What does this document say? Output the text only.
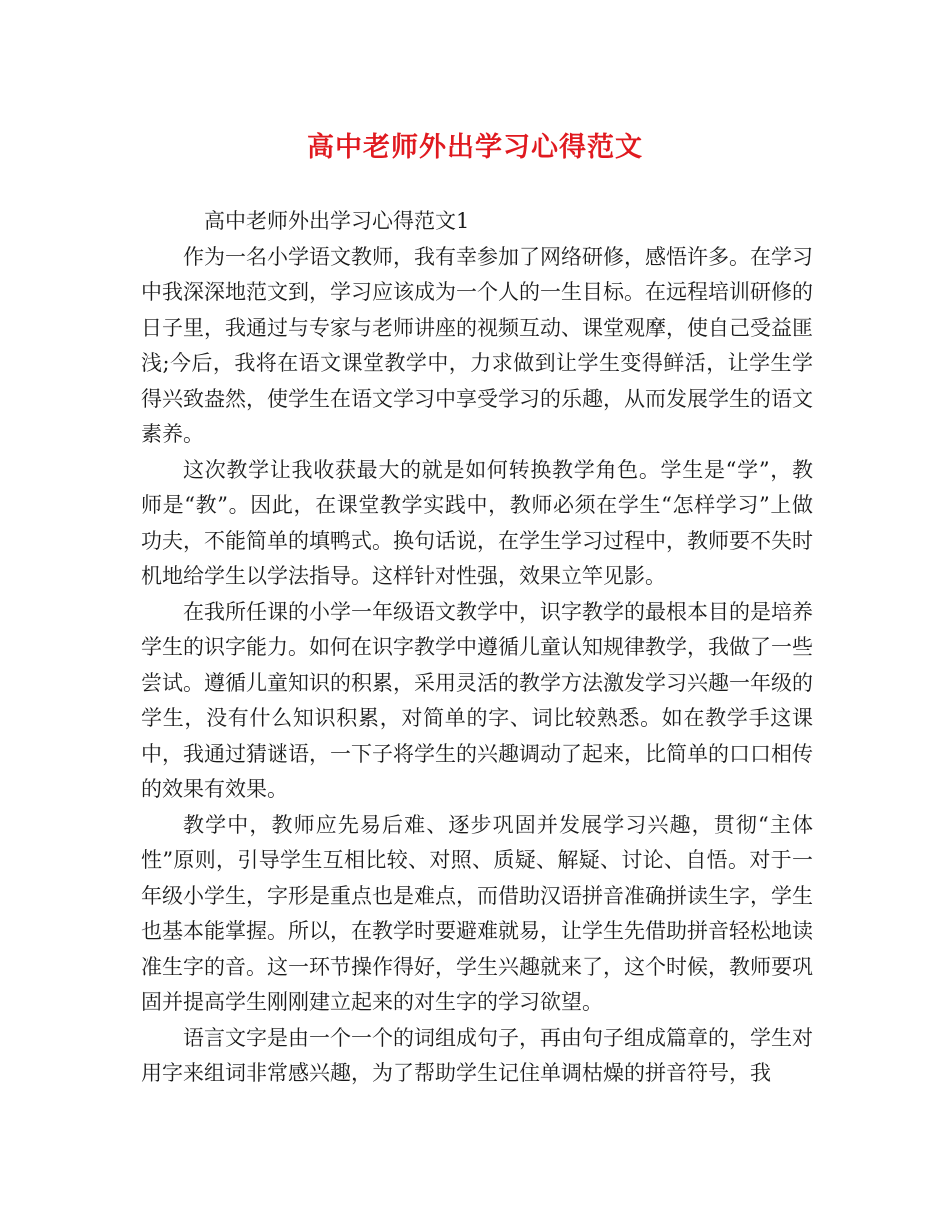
高中老师外出学习心得范文

高中老师外出学习心得范文1

作为一名小学语文教师，我有幸参加了网络研修，感悟许多。在学习中我深深地范文到，学习应该成为一个人的一生目标。在远程培训研修的日子里，我通过与专家与老师讲座的视频互动、课堂观摩，使自己受益匪浅;今后，我将在语文课堂教学中，力求做到让学生变得鲜活，让学生学得兴致盎然，使学生在语文学习中享受学习的乐趣，从而发展学生的语文素养。

这次教学让我收获最大的就是如何转换教学角色。学生是“学”，教师是“教”。因此，在课堂教学实践中，教师必须在学生“怎样学习”上做功夫，不能简单的填鸭式。换句话说，在学生学习过程中，教师要不失时机地给学生以学法指导。这样针对性强，效果立竿见影。

在我所任课的小学一年级语文教学中，识字教学的最根本目的是培养学生的识字能力。如何在识字教学中遵循儿童认知规律教学，我做了一些尝试。遵循儿童知识的积累，采用灵活的教学方法激发学习兴趣一年级的学生，没有什么知识积累，对简单的字、词比较熟悉。如在教学手这课中，我通过猜谜语，一下子将学生的兴趣调动了起来，比简单的口口相传的效果有效果。

教学中，教师应先易后难、逐步巩固并发展学习兴趣，贯彻“主体性”原则，引导学生互相比较、对照、质疑、解疑、讨论、自悟。对于一年级小学生，字形是重点也是难点，而借助汉语拼音准确拼读生字，学生也基本能掌握。所以，在教学时要避难就易，让学生先借助拼音轻松地读准生字的音。这一环节操作得好，学生兴趣就来了，这个时候，教师要巩固并提高学生刚刚建立起来的对生字的学习欲望。

语言文字是由一个一个的词组成句子，再由句子组成篇章的，学生对用字来组词非常感兴趣，为了帮助学生记住单调枯燥的拼音符号，我
